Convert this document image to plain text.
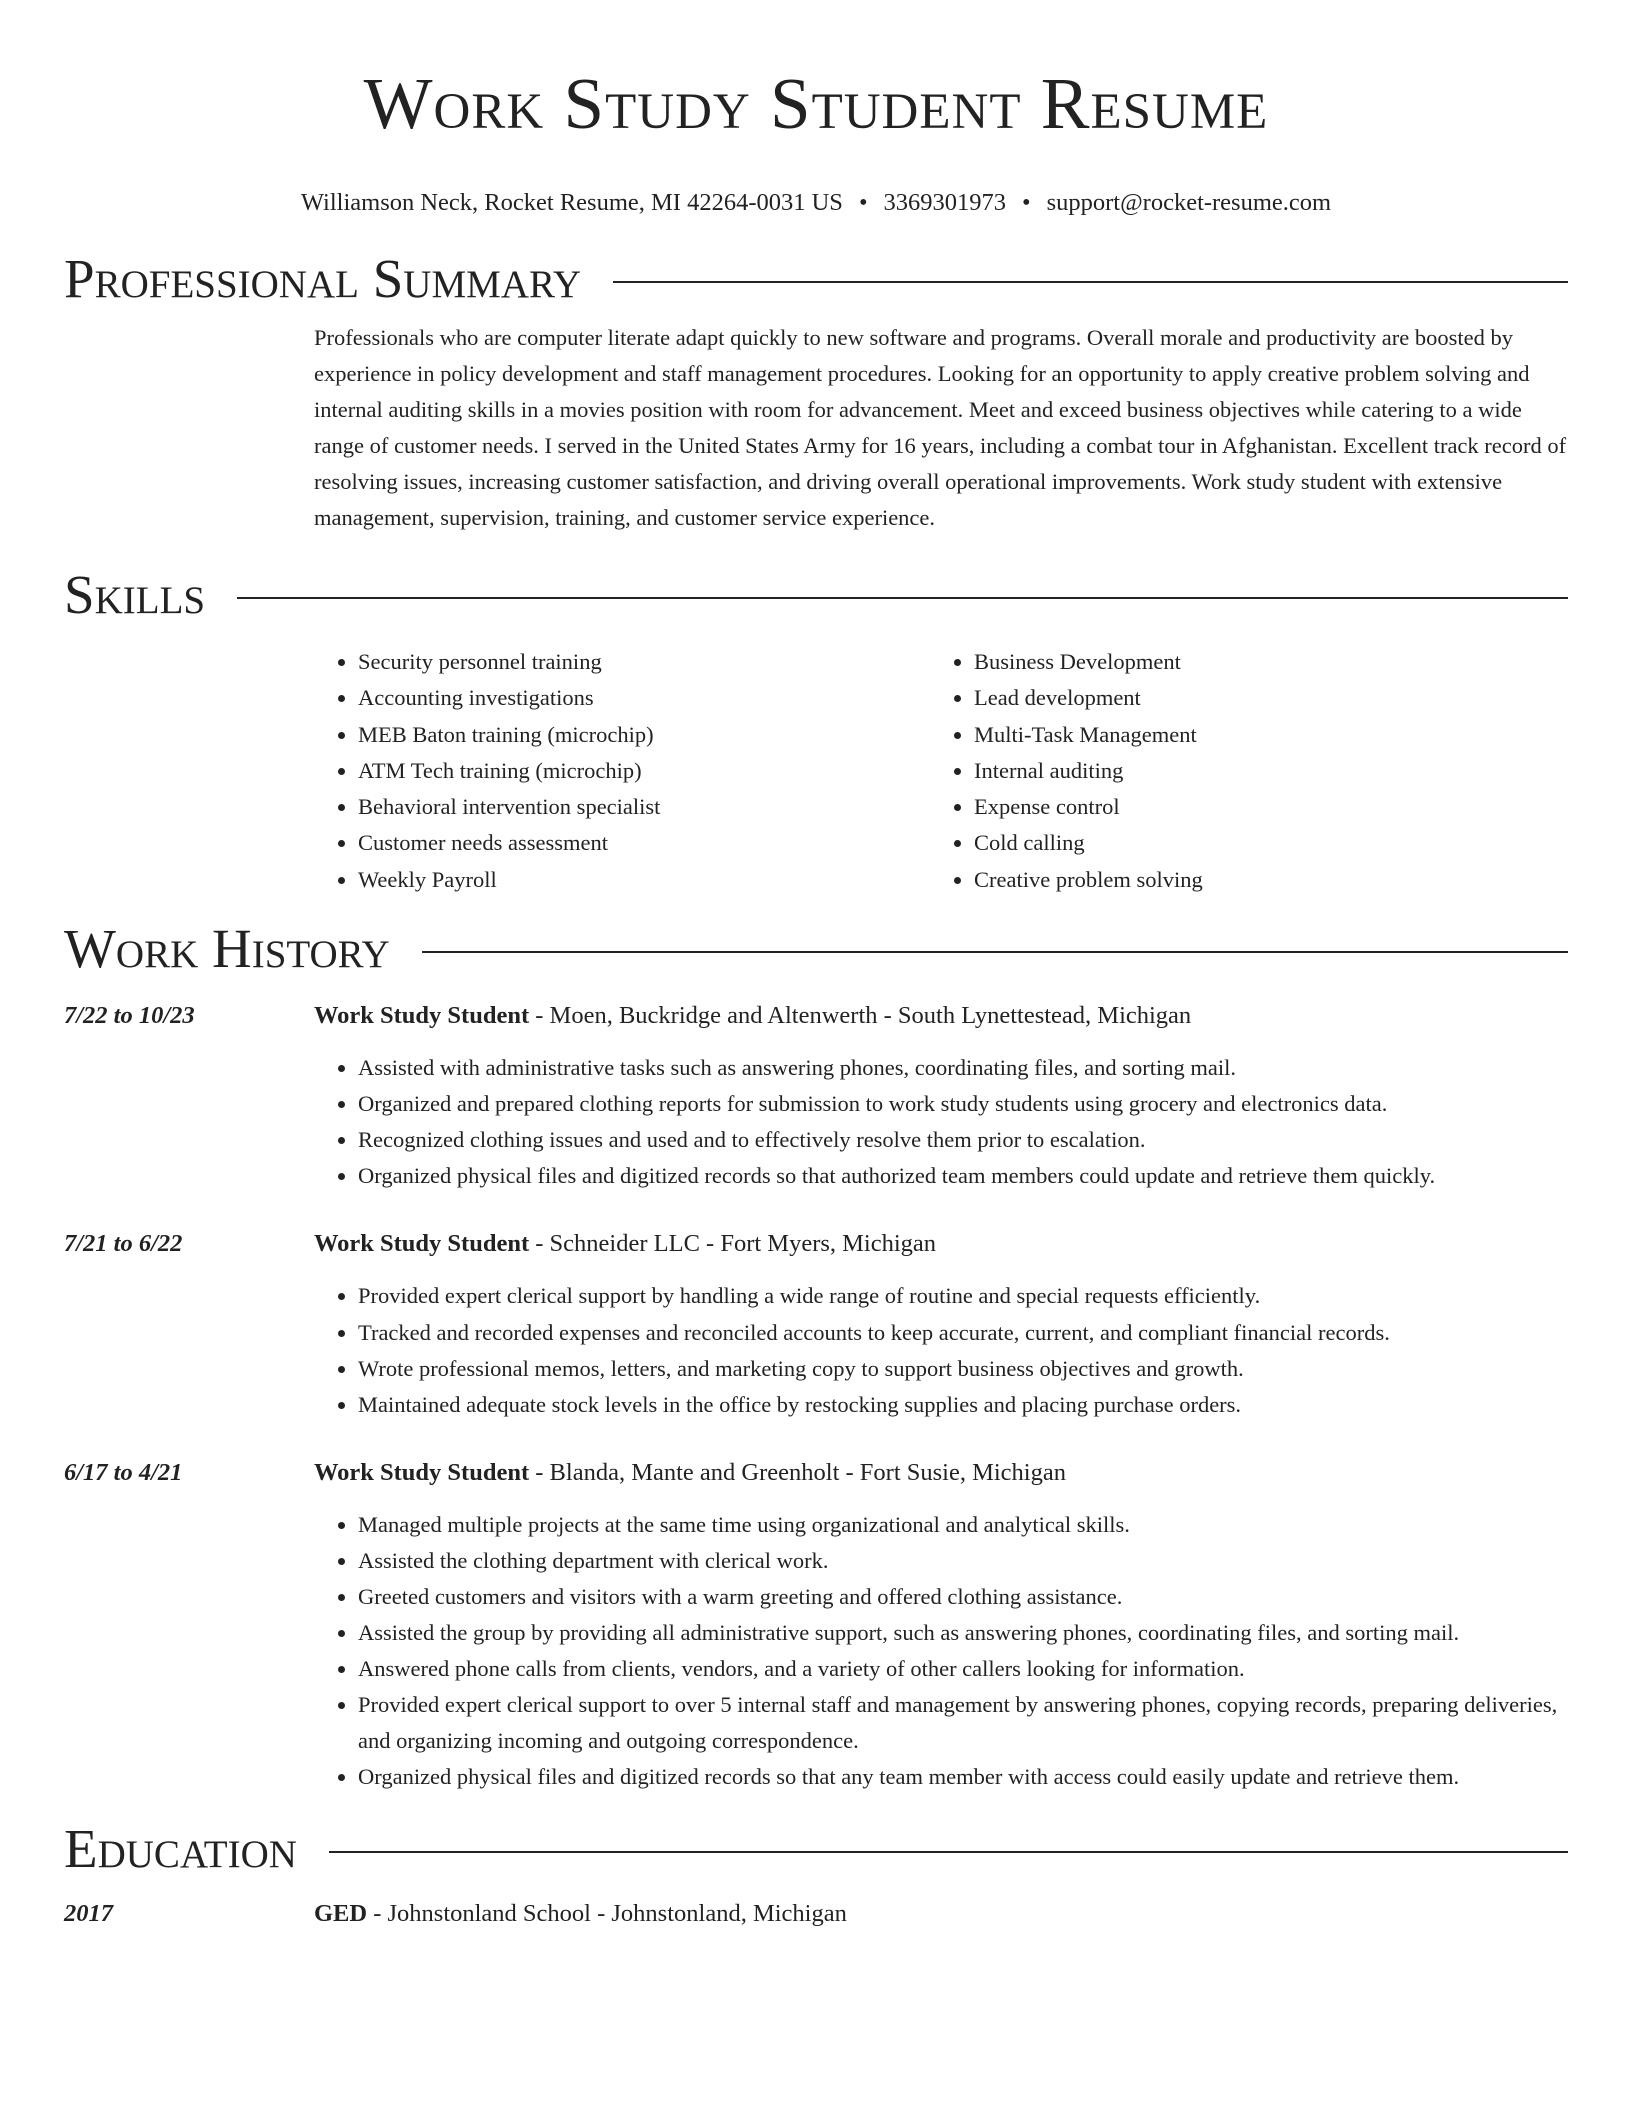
Work Study Student Resume
Williamson Neck, Rocket Resume, MI 42264-0031 US • 3369301973 • support@rocket-resume.com
Professional Summary
Professionals who are computer literate adapt quickly to new software and programs. Overall morale and productivity are boosted by experience in policy development and staff management procedures. Looking for an opportunity to apply creative problem solving and internal auditing skills in a movies position with room for advancement. Meet and exceed business objectives while catering to a wide range of customer needs. I served in the United States Army for 16 years, including a combat tour in Afghanistan. Excellent track record of resolving issues, increasing customer satisfaction, and driving overall operational improvements. Work study student with extensive management, supervision, training, and customer service experience.
Skills
• Security personnel training
• Accounting investigations
• MEB Baton training (microchip)
• ATM Tech training (microchip)
• Behavioral intervention specialist
• Customer needs assessment
• Weekly Payroll
• Business Development
• Lead development
• Multi-Task Management
• Internal auditing
• Expense control
• Cold calling
• Creative problem solving
Work History
7/22 to 10/23	Work Study Student - Moen, Buckridge and Altenwerth - South Lynettestead, Michigan
• Assisted with administrative tasks such as answering phones, coordinating files, and sorting mail.
• Organized and prepared clothing reports for submission to work study students using grocery and electronics data.
• Recognized clothing issues and used and to effectively resolve them prior to escalation.
• Organized physical files and digitized records so that authorized team members could update and retrieve them quickly.
7/21 to 6/22	Work Study Student - Schneider LLC - Fort Myers, Michigan
• Provided expert clerical support by handling a wide range of routine and special requests efficiently.
• Tracked and recorded expenses and reconciled accounts to keep accurate, current, and compliant financial records.
• Wrote professional memos, letters, and marketing copy to support business objectives and growth.
• Maintained adequate stock levels in the office by restocking supplies and placing purchase orders.
6/17 to 4/21	Work Study Student - Blanda, Mante and Greenholt - Fort Susie, Michigan
• Managed multiple projects at the same time using organizational and analytical skills.
• Assisted the clothing department with clerical work.
• Greeted customers and visitors with a warm greeting and offered clothing assistance.
• Assisted the group by providing all administrative support, such as answering phones, coordinating files, and sorting mail.
• Answered phone calls from clients, vendors, and a variety of other callers looking for information.
• Provided expert clerical support to over 5 internal staff and management by answering phones, copying records, preparing deliveries, and organizing incoming and outgoing correspondence.
• Organized physical files and digitized records so that any team member with access could easily update and retrieve them.
Education
2017	GED - Johnstonland School - Johnstonland, Michigan
